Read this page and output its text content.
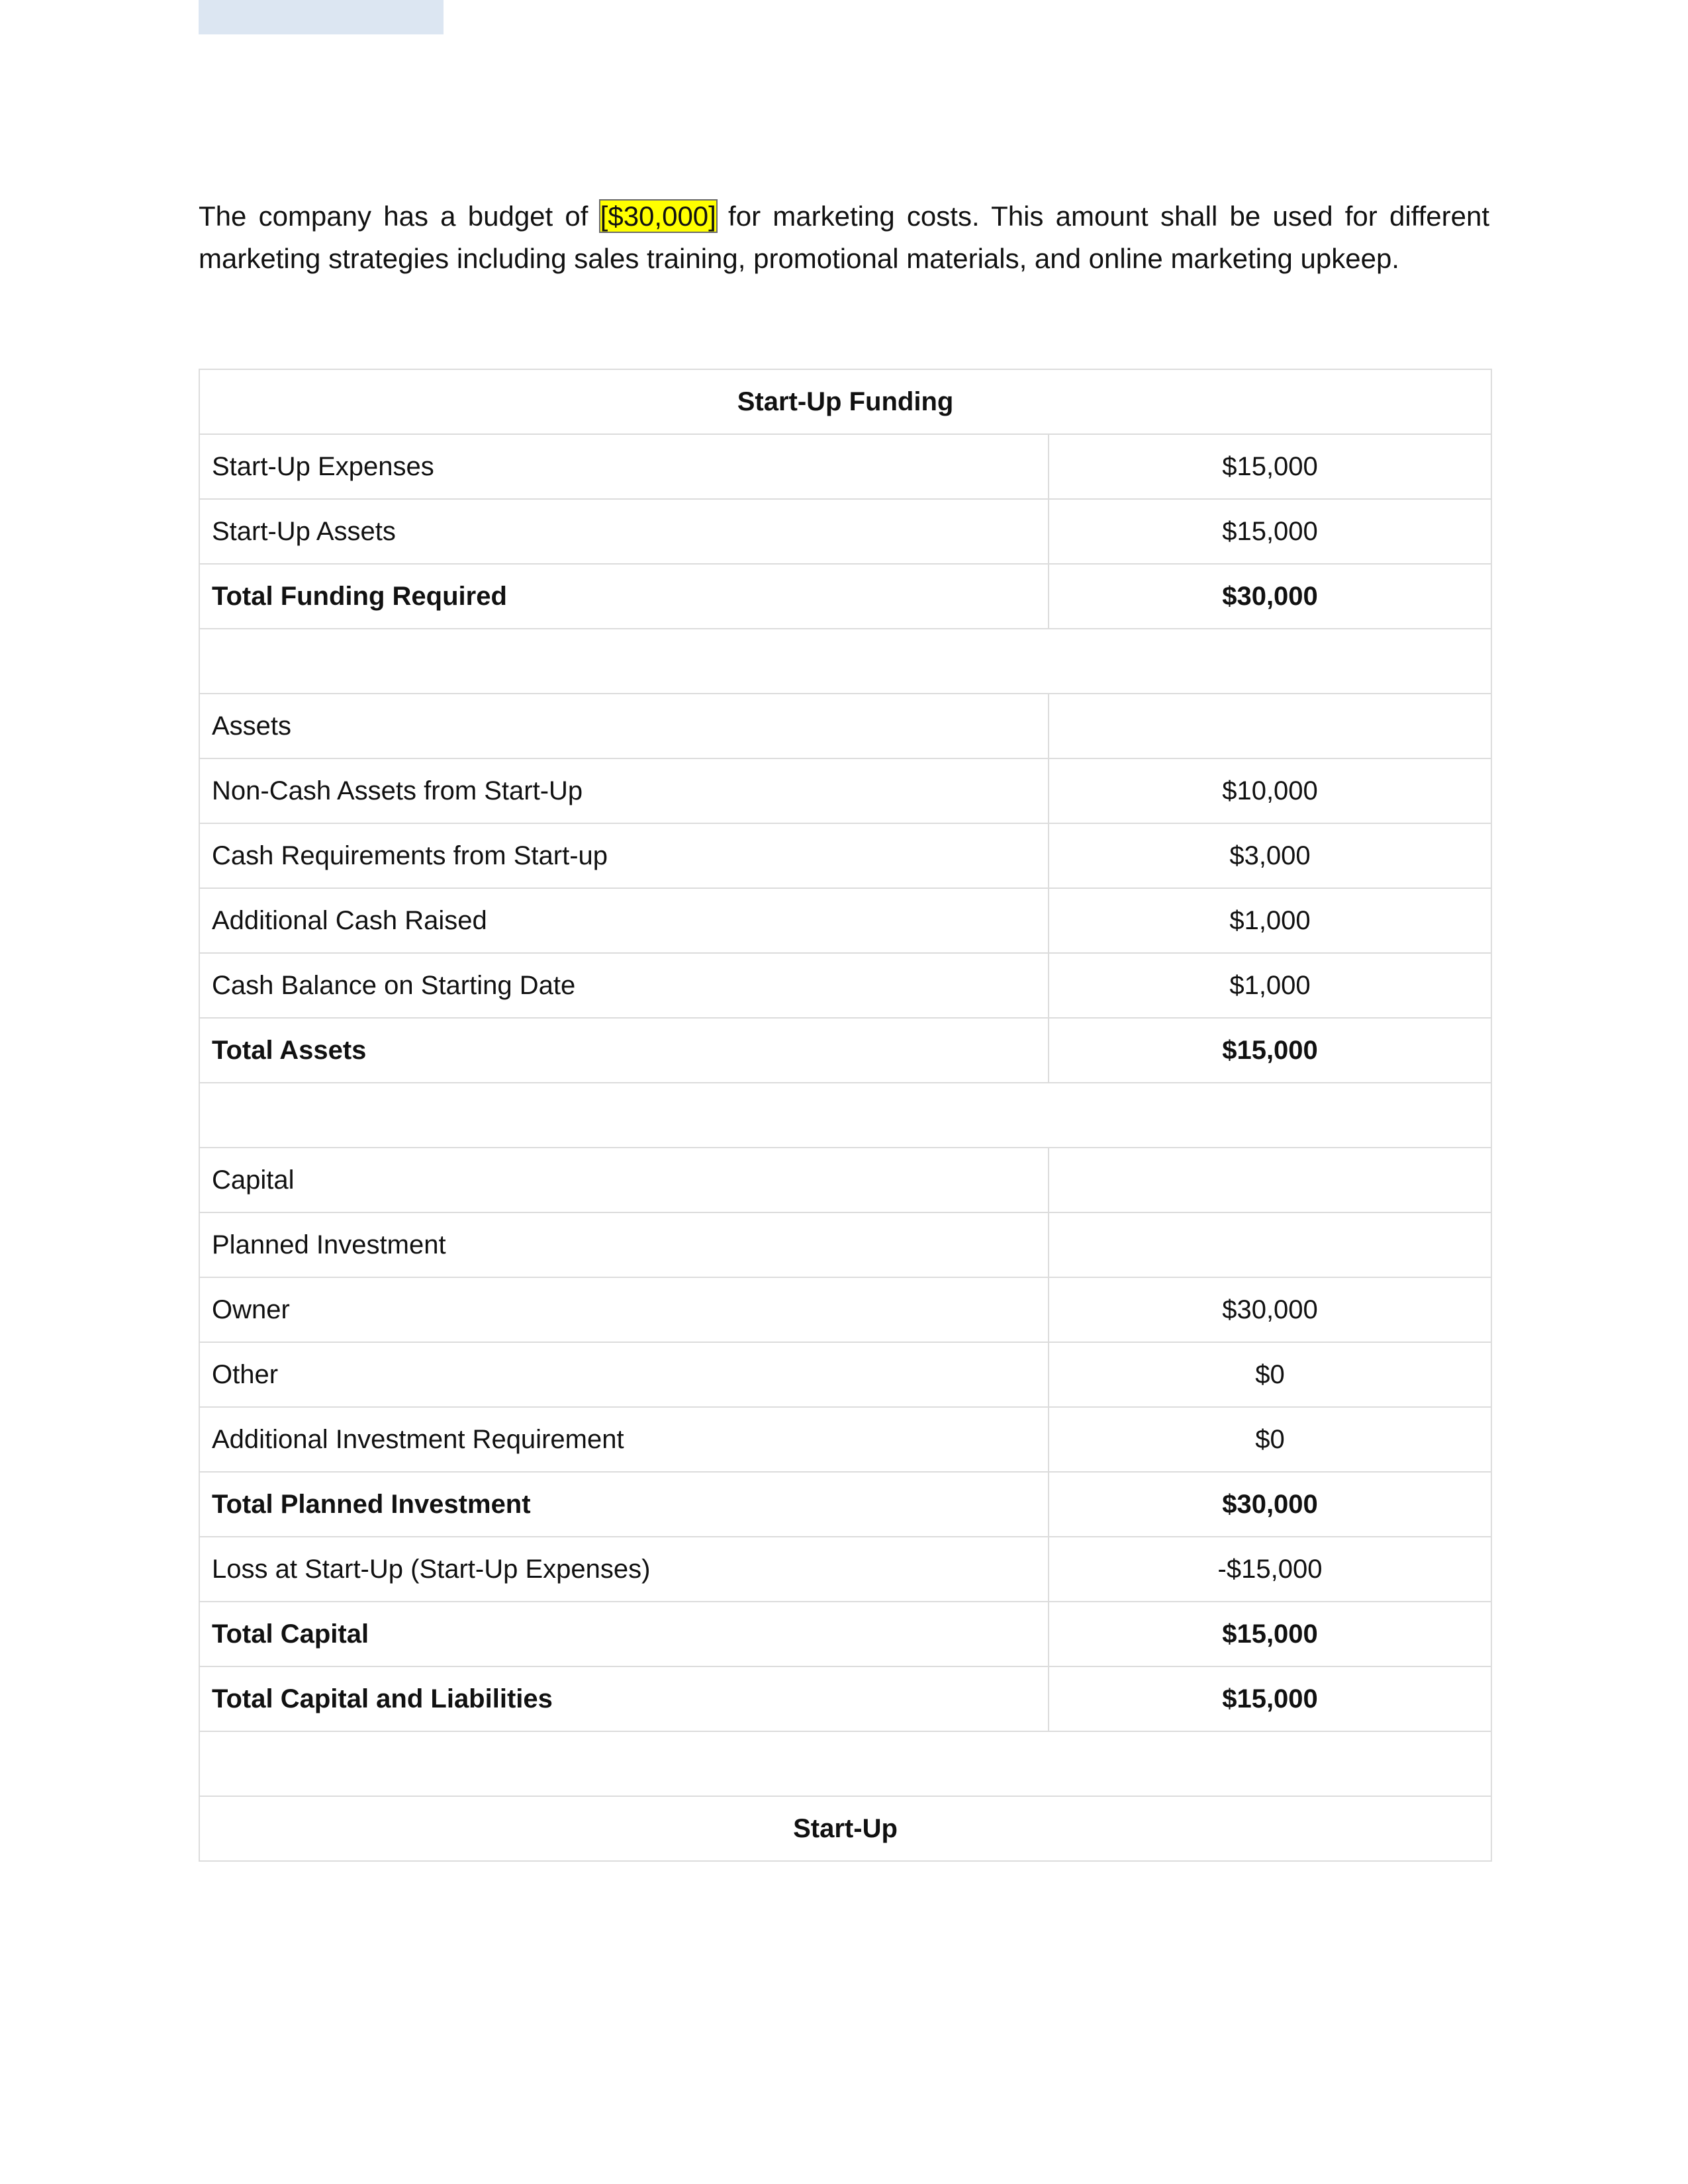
The company has a budget of [$30,000] for marketing costs. This amount shall be used for different marketing strategies including sales training, promotional materials, and online marketing upkeep.

Start-Up Funding	
Start-Up Expenses	$15,000
Start-Up Assets	$15,000
Total Funding Required	$30,000

Assets	
Non-Cash Assets from Start-Up	$10,000
Cash Requirements from Start-up	$3,000
Additional Cash Raised	$1,000
Cash Balance on Starting Date	$1,000
Total Assets	$15,000

Capital	
Planned Investment	
Owner	$30,000
Other	$0
Additional Investment Requirement	$0
Total Planned Investment	$30,000
Loss at Start-Up (Start-Up Expenses)	-$15,000
Total Capital	$15,000
Total Capital and Liabilities	$15,000

Start-Up	
